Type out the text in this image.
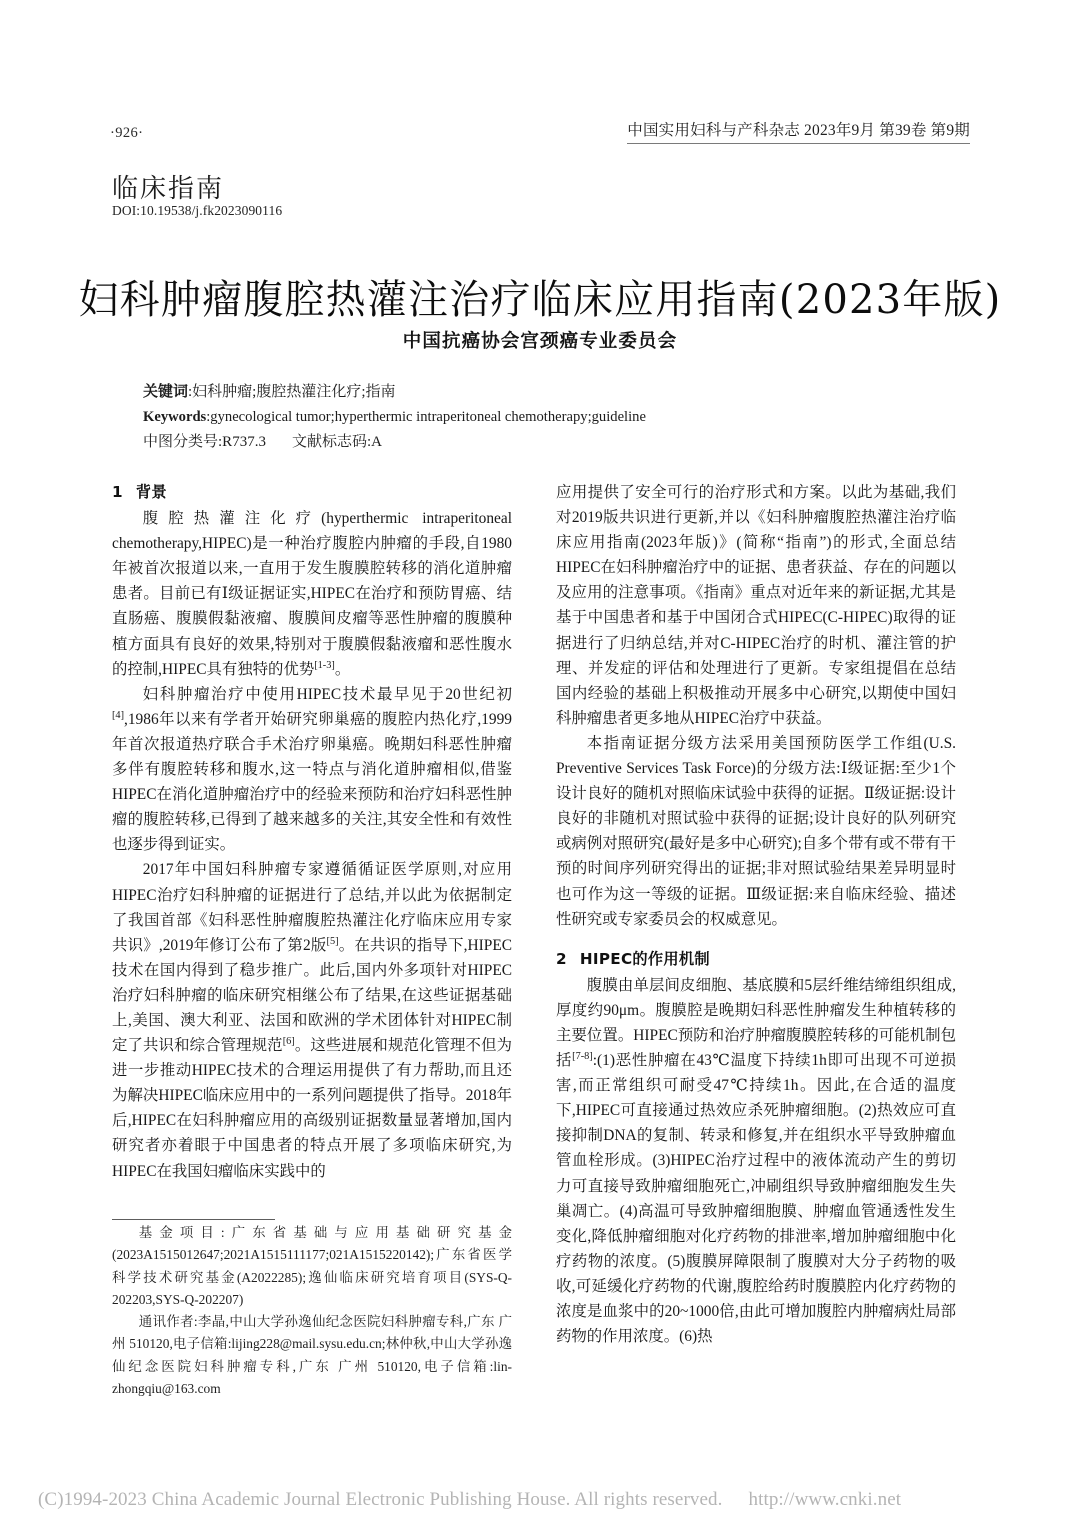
·926·	中国实用妇科与产科杂志 2023年9月 第39卷 第9期
临床指南
DOI:10.19538/j.fk2023090116
妇科肿瘤腹腔热灌注治疗临床应用指南(2023年版)
中国抗癌协会宫颈癌专业委员会
关键词:妇科肿瘤;腹腔热灌注化疗;指南
Keywords:gynecological tumor;hyperthermic intraperitoneal chemotherapy;guideline
中图分类号:R737.3 文献标志码:A
1 背景

腹腔热灌注化疗(hyperthermic intraperitoneal chemotherapy,HIPEC)是一种治疗腹腔内肿瘤的手段,自1980年被首次报道以来,一直用于发生腹膜腔转移的消化道肿瘤患者。目前已有Ⅰ级证据证实,HIPEC在治疗和预防胃癌、结直肠癌、腹膜假黏液瘤、腹膜间皮瘤等恶性肿瘤的腹膜种植方面具有良好的效果,特别对于腹膜假黏液瘤和恶性腹水的控制,HIPEC具有独特的优势[1-3]。

妇科肿瘤治疗中使用HIPEC技术最早见于20世纪初[4],1986年以来有学者开始研究卵巢癌的腹腔内热化疗,1999年首次报道热疗联合手术治疗卵巢癌。晚期妇科恶性肿瘤多伴有腹腔转移和腹水,这一特点与消化道肿瘤相似,借鉴HIPEC在消化道肿瘤治疗中的经验来预防和治疗妇科恶性肿瘤的腹腔转移,已得到了越来越多的关注,其安全性和有效性也逐步得到证实。

2017年中国妇科肿瘤专家遵循循证医学原则,对应用HIPEC治疗妇科肿瘤的证据进行了总结,并以此为依据制定了我国首部《妇科恶性肿瘤腹腔热灌注化疗临床应用专家共识》,2019年修订公布了第2版[5]。在共识的指导下,HIPEC技术在国内得到了稳步推广。此后,国内外多项针对HIPEC治疗妇科肿瘤的临床研究相继公布了结果,在这些证据基础上,美国、澳大利亚、法国和欧洲的学术团体针对HIPEC制定了共识和综合管理规范[6]。这些进展和规范化管理不但为进一步推动HIPEC技术的合理运用提供了有力帮助,而且还为解决HIPEC临床应用中的一系列问题提供了指导。2018年后,HIPEC在妇科肿瘤应用的高级别证据数量显著增加,国内研究者亦着眼于中国患者的特点开展了多项临床研究,为HIPEC在我国妇瘤临床实践中的

应用提供了安全可行的治疗形式和方案。以此为基础,我们对2019版共识进行更新,并以《妇科肿瘤腹腔热灌注治疗临床应用指南(2023年版)》(简称“指南”)的形式,全面总结HIPEC在妇科肿瘤治疗中的证据、患者获益、存在的问题以及应用的注意事项。《指南》重点对近年来的新证据,尤其是基于中国患者和基于中国闭合式HIPEC(C-HIPEC)取得的证据进行了归纳总结,并对C-HIPEC治疗的时机、灌注管的护理、并发症的评估和处理进行了更新。专家组提倡在总结国内经验的基础上积极推动开展多中心研究,以期使中国妇科肿瘤患者更多地从HIPEC治疗中获益。

本指南证据分级方法采用美国预防医学工作组(U.S. Preventive Services Task Force)的分级方法:Ⅰ级证据:至少1个设计良好的随机对照临床试验中获得的证据。Ⅱ级证据:设计良好的非随机对照试验中获得的证据;设计良好的队列研究或病例对照研究(最好是多中心研究);自多个带有或不带有干预的时间序列研究得出的证据;非对照试验结果差异明显时也可作为这一等级的证据。Ⅲ级证据:来自临床经验、描述性研究或专家委员会的权威意见。

2 HIPEC的作用机制

腹膜由单层间皮细胞、基底膜和5层纤维结缔组织组成,厚度约90μm。腹膜腔是晚期妇科恶性肿瘤发生种植转移的主要位置。HIPEC预防和治疗肿瘤腹膜腔转移的可能机制包括[7-8]:(1)恶性肿瘤在43℃温度下持续1h即可出现不可逆损害,而正常组织可耐受47℃持续1h。因此,在合适的温度下,HIPEC可直接通过热效应杀死肿瘤细胞。(2)热效应可直接抑制DNA的复制、转录和修复,并在组织水平导致肿瘤血管血栓形成。(3)HIPEC治疗过程中的液体流动产生的剪切力可直接导致肿瘤细胞死亡,冲刷组织导致肿瘤细胞发生失巢凋亡。(4)高温可导致肿瘤细胞膜、肿瘤血管通透性发生变化,降低肿瘤细胞对化疗药物的排泄率,增加肿瘤细胞中化疗药物的浓度。(5)腹膜屏障限制了腹膜对大分子药物的吸收,可延缓化疗药物的代谢,腹腔给药时腹膜腔内化疗药物的浓度是血浆中的20~1000倍,由此可增加腹腔内肿瘤病灶局部药物的作用浓度。(6)热

基金项目:广东省基础与应用基础研究基金(2023A1515012647;2021A1515111177;021A1515220142);广东省医学科学技术研究基金(A2022285);逸仙临床研究培育项目(SYS-Q-202203,SYS-Q-202207)

通讯作者:李晶,中山大学孙逸仙纪念医院妇科肿瘤专科,广东 广州 510120,电子信箱:lijing228@mail.sysu.edu.cn;林仲秋,中山大学孙逸仙纪念医院妇科肿瘤专科,广东 广州 510120,电子信箱:lin-zhongqiu@163.com

(C)1994-2023 China Academic Journal Electronic Publishing House. All rights reserved. http://www.cnki.net
